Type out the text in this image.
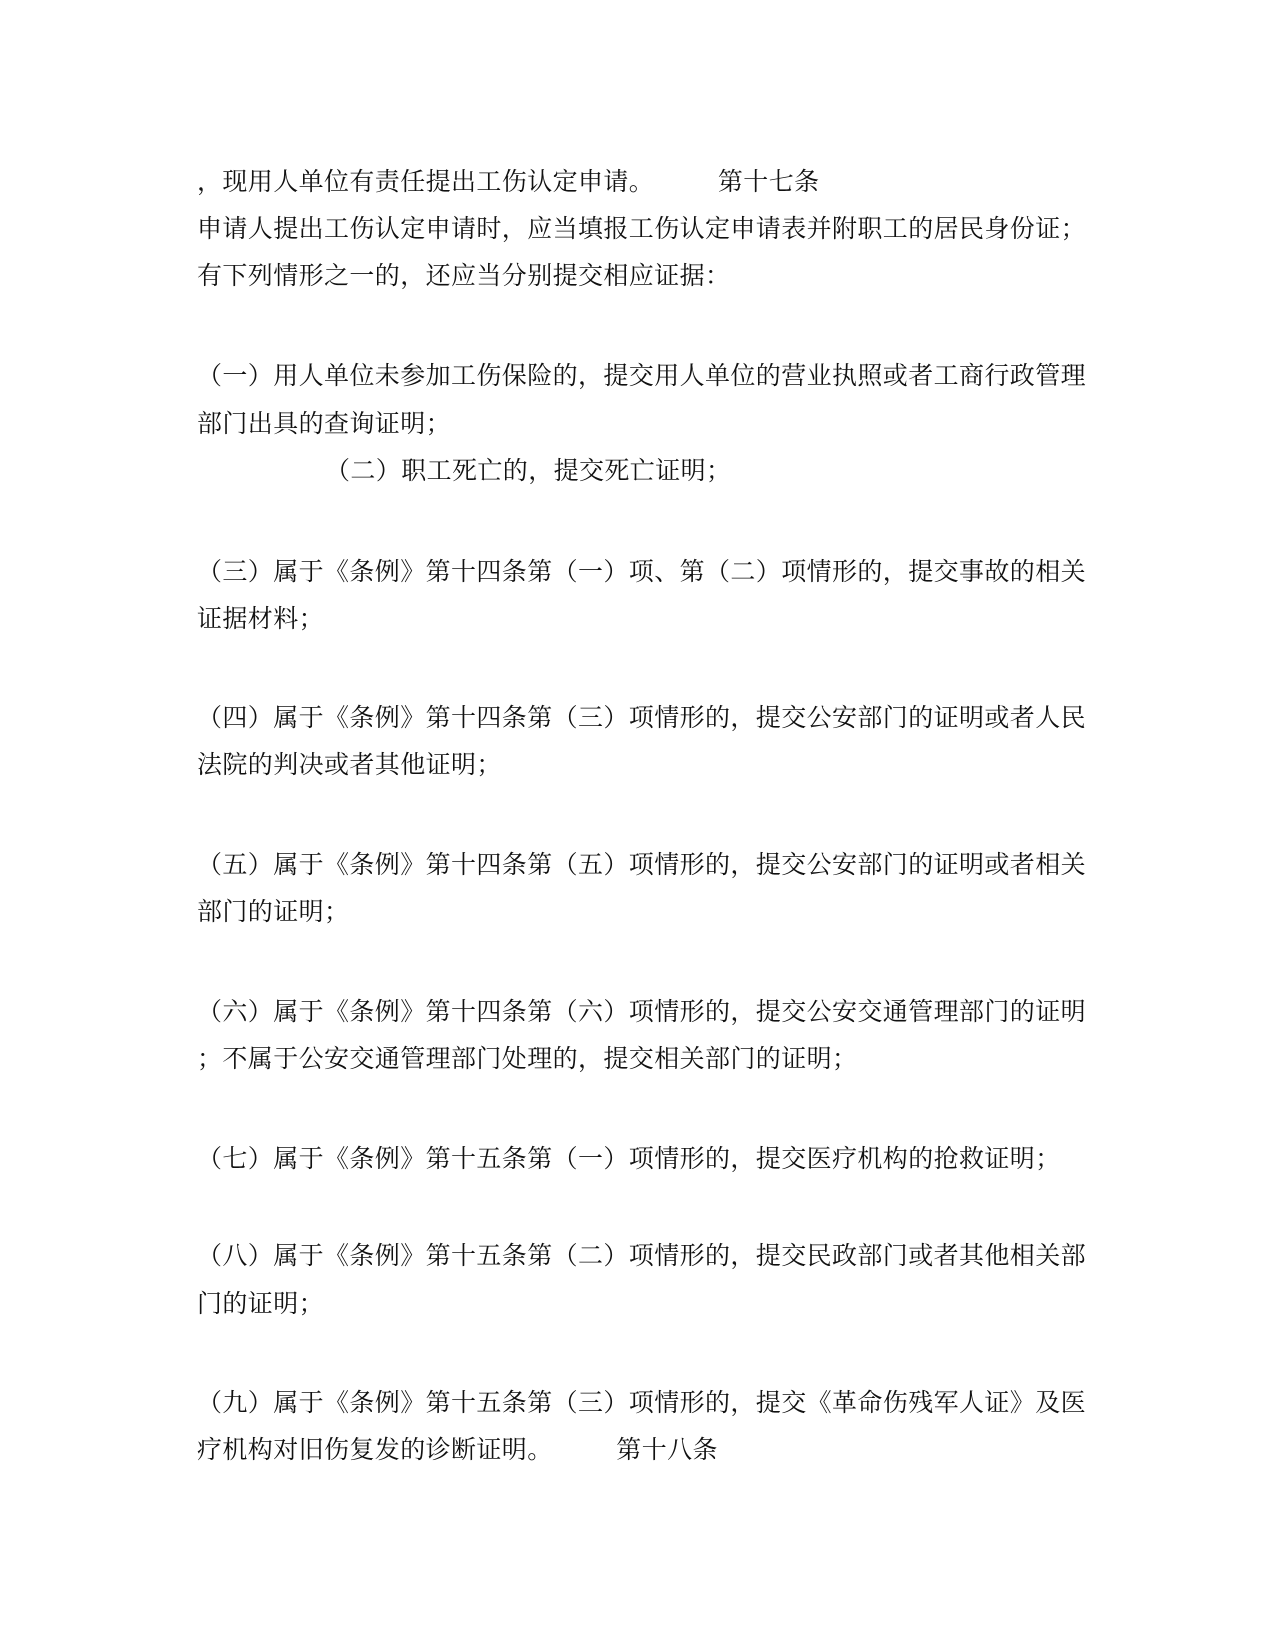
，现用人单位有责任提出工伤认定申请。　　　第十七条
申请人提出工伤认定申请时，应当填报工伤认定申请表并附职工的居民身份证；
有下列情形之一的，还应当分别提交相应证据：
（一）用人单位未参加工伤保险的，提交用人单位的营业执照或者工商行政管理
部门出具的查询证明；
（二）职工死亡的，提交死亡证明；
（三）属于《条例》第十四条第（一）项、第（二）项情形的，提交事故的相关
证据材料；
（四）属于《条例》第十四条第（三）项情形的，提交公安部门的证明或者人民
法院的判决或者其他证明；
（五）属于《条例》第十四条第（五）项情形的，提交公安部门的证明或者相关
部门的证明；
（六）属于《条例》第十四条第（六）项情形的，提交公安交通管理部门的证明
；不属于公安交通管理部门处理的，提交相关部门的证明；
（七）属于《条例》第十五条第（一）项情形的，提交医疗机构的抢救证明；
（八）属于《条例》第十五条第（二）项情形的，提交民政部门或者其他相关部
门的证明；
（九）属于《条例》第十五条第（三）项情形的，提交《革命伤残军人证》及医
疗机构对旧伤复发的诊断证明。　　　第十八条
